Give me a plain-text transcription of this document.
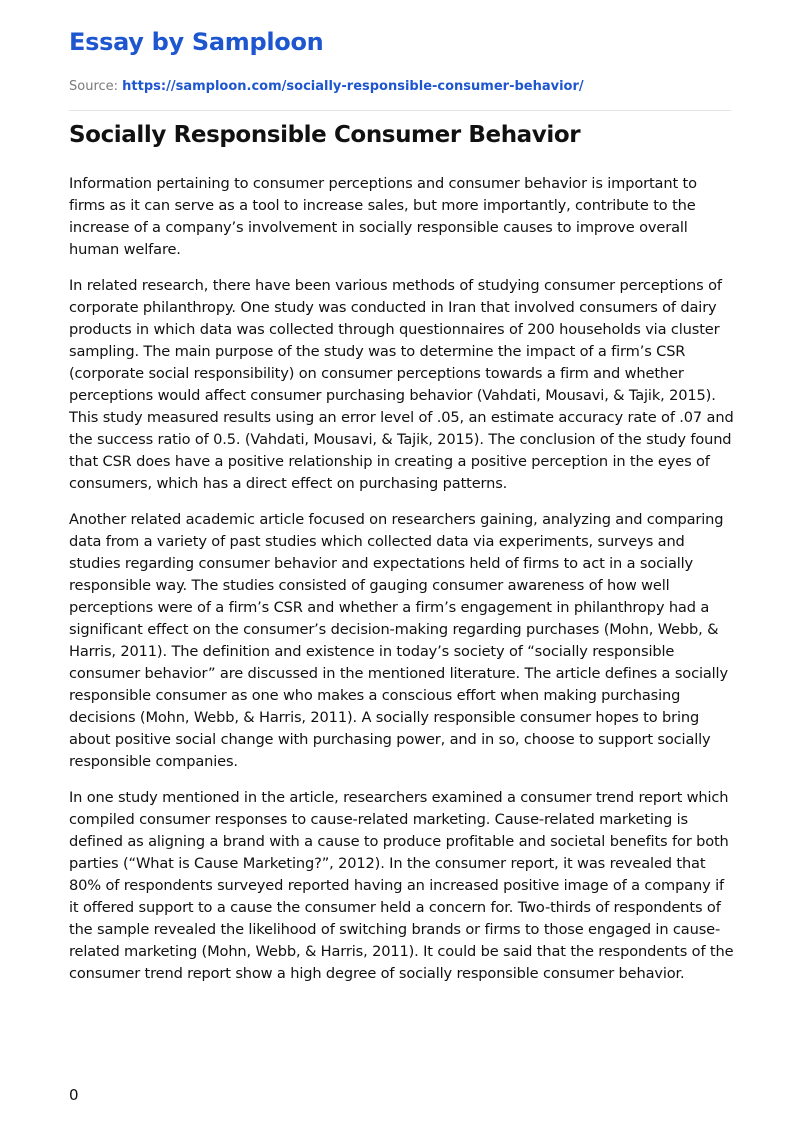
Essay by Samploon
Source: https://samploon.com/socially-responsible-consumer-behavior/
Socially Responsible Consumer Behavior

Information pertaining to consumer perceptions and consumer behavior is important to firms as it can serve as a tool to increase sales, but more importantly, contribute to the increase of a company’s involvement in socially responsible causes to improve overall human welfare.

In related research, there have been various methods of studying consumer perceptions of corporate philanthropy. One study was conducted in Iran that involved consumers of dairy products in which data was collected through questionnaires of 200 households via cluster sampling. The main purpose of the study was to determine the impact of a firm’s CSR (corporate social responsibility) on consumer perceptions towards a firm and whether perceptions would affect consumer purchasing behavior (Vahdati, Mousavi, & Tajik, 2015). This study measured results using an error level of .05, an estimate accuracy rate of .07 and the success ratio of 0.5. (Vahdati, Mousavi, & Tajik, 2015). The conclusion of the study found that CSR does have a positive relationship in creating a positive perception in the eyes of consumers, which has a direct effect on purchasing patterns.

Another related academic article focused on researchers gaining, analyzing and comparing data from a variety of past studies which collected data via experiments, surveys and studies regarding consumer behavior and expectations held of firms to act in a socially responsible way. The studies consisted of gauging consumer awareness of how well perceptions were of a firm’s CSR and whether a firm’s engagement in philanthropy had a significant effect on the consumer’s decision-making regarding purchases (Mohn, Webb, & Harris, 2011). The definition and existence in today’s society of “socially responsible consumer behavior” are discussed in the mentioned literature. The article defines a socially responsible consumer as one who makes a conscious effort when making purchasing decisions (Mohn, Webb, & Harris, 2011). A socially responsible consumer hopes to bring about positive social change with purchasing power, and in so, choose to support socially responsible companies.

In one study mentioned in the article, researchers examined a consumer trend report which compiled consumer responses to cause-related marketing. Cause-related marketing is defined as aligning a brand with a cause to produce profitable and societal benefits for both parties (“What is Cause Marketing?”, 2012). In the consumer report, it was revealed that 80% of respondents surveyed reported having an increased positive image of a company if it offered support to a cause the consumer held a concern for. Two-thirds of respondents of the sample revealed the likelihood of switching brands or firms to those engaged in cause-related marketing (Mohn, Webb, & Harris, 2011). It could be said that the respondents of the consumer trend report show a high degree of socially responsible consumer behavior.

0
